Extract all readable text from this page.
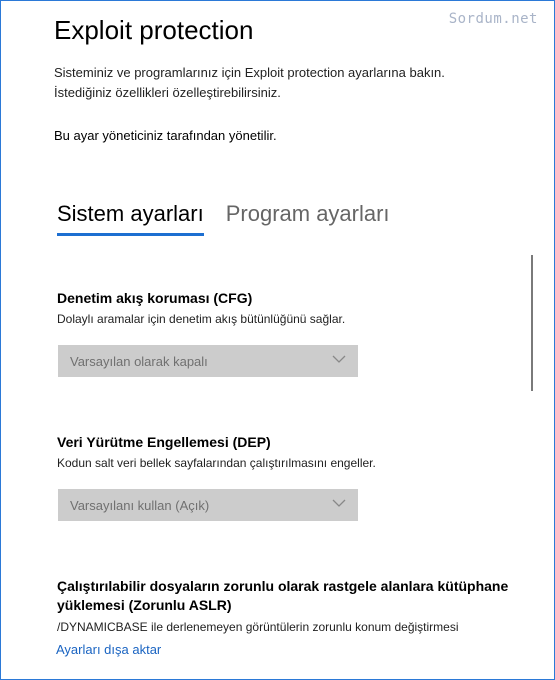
Sordum.net
Exploit protection
Sisteminiz ve programlarınız için Exploit protection ayarlarına bakın.
İstediğiniz özellikleri özelleştirebilirsiniz.
Bu ayar yöneticiniz tarafından yönetilir.
Sistem ayarları Program ayarları
Denetim akış koruması (CFG)
Dolaylı aramalar için denetim akış bütünlüğünü sağlar.
Varsayılan olarak kapalı
Veri Yürütme Engellemesi (DEP)
Kodun salt veri bellek sayfalarından çalıştırılmasını engeller.
Varsayılanı kullan (Açık)
Çalıştırılabilir dosyaların zorunlu olarak rastgele alanlara kütüphane
yüklemesi (Zorunlu ASLR)
/DYNAMICBASE ile derlenemeyen görüntülerin zorunlu konum değiştirmesi
Ayarları dışa aktar
